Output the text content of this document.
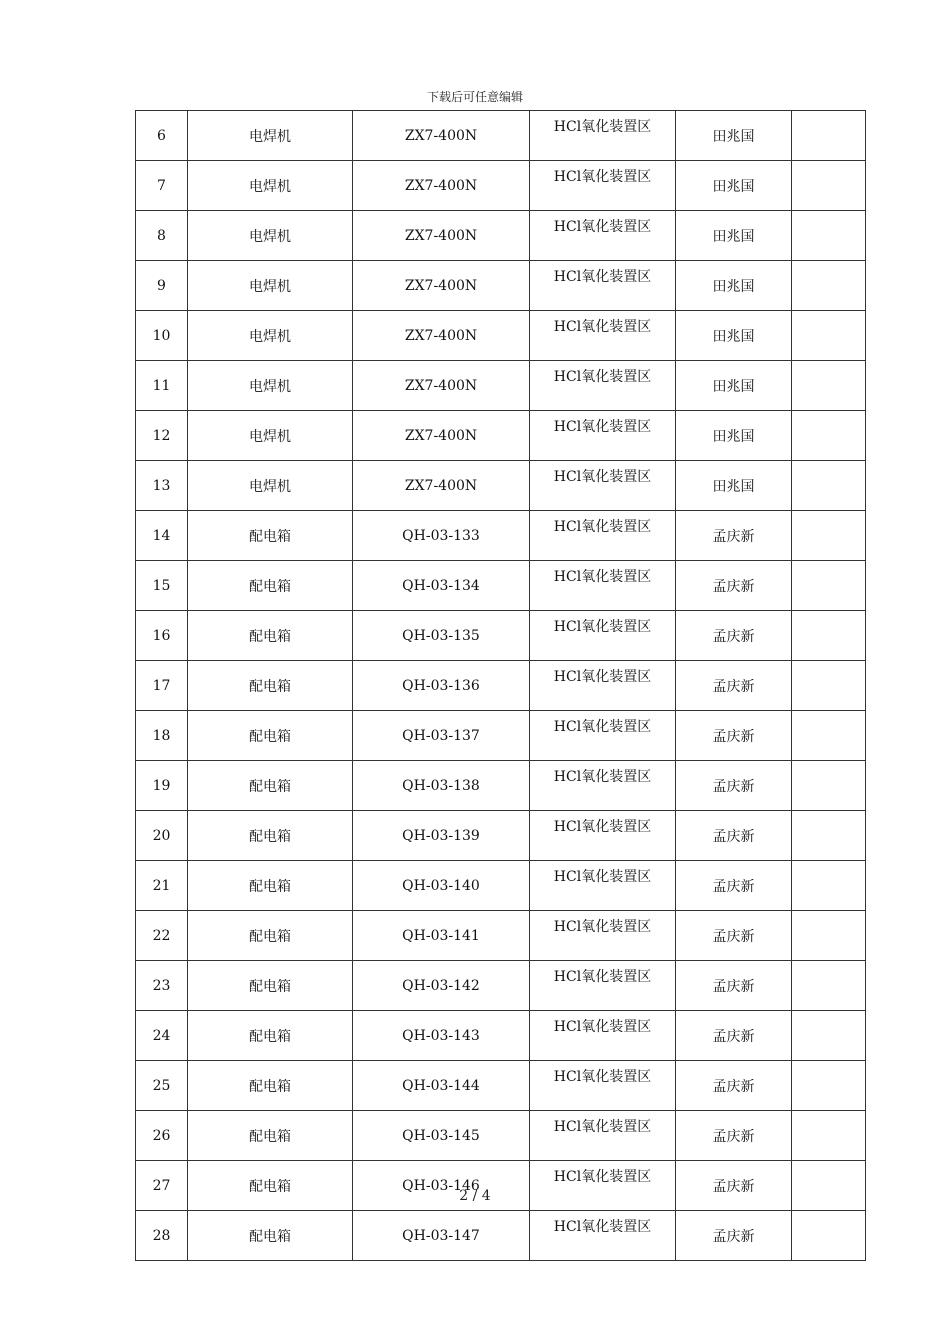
下载后可任意编辑
6	电焊机	ZX7-400N	HCl氧化装置区	田兆国	
7	电焊机	ZX7-400N	HCl氧化装置区	田兆国	
8	电焊机	ZX7-400N	HCl氧化装置区	田兆国	
9	电焊机	ZX7-400N	HCl氧化装置区	田兆国	
10	电焊机	ZX7-400N	HCl氧化装置区	田兆国	
11	电焊机	ZX7-400N	HCl氧化装置区	田兆国	
12	电焊机	ZX7-400N	HCl氧化装置区	田兆国	
13	电焊机	ZX7-400N	HCl氧化装置区	田兆国	
14	配电箱	QH-03-133	HCl氧化装置区	孟庆新	
15	配电箱	QH-03-134	HCl氧化装置区	孟庆新	
16	配电箱	QH-03-135	HCl氧化装置区	孟庆新	
17	配电箱	QH-03-136	HCl氧化装置区	孟庆新	
18	配电箱	QH-03-137	HCl氧化装置区	孟庆新	
19	配电箱	QH-03-138	HCl氧化装置区	孟庆新	
20	配电箱	QH-03-139	HCl氧化装置区	孟庆新	
21	配电箱	QH-03-140	HCl氧化装置区	孟庆新	
22	配电箱	QH-03-141	HCl氧化装置区	孟庆新	
23	配电箱	QH-03-142	HCl氧化装置区	孟庆新	
24	配电箱	QH-03-143	HCl氧化装置区	孟庆新	
25	配电箱	QH-03-144	HCl氧化装置区	孟庆新	
26	配电箱	QH-03-145	HCl氧化装置区	孟庆新	
27	配电箱	QH-03-146	HCl氧化装置区	孟庆新	
28	配电箱	QH-03-147	HCl氧化装置区	孟庆新	
2 / 4
